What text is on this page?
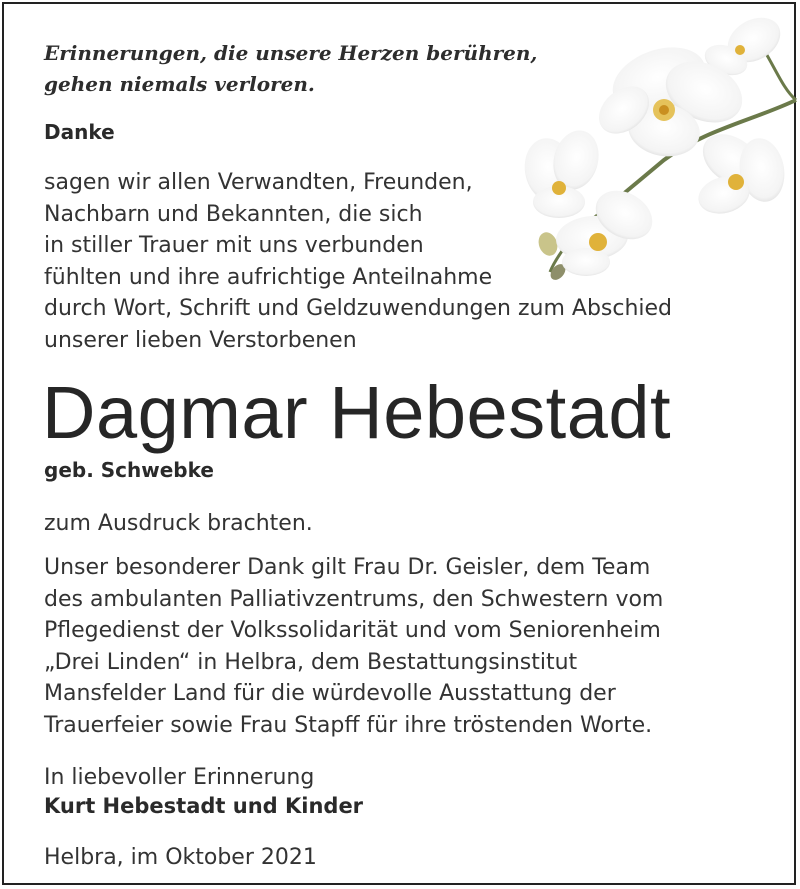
Erinnerungen, die unsere Herzen berühren,
gehen niemals verloren.
Danke
sagen wir allen Verwandten, Freunden,
Nachbarn und Bekannten, die sich
in stiller Trauer mit uns verbunden
fühlten und ihre aufrichtige Anteilnahme
durch Wort, Schrift und Geldzuwendungen zum Abschied
unserer lieben Verstorbenen
Dagmar Hebestadt
geb. Schwebke
zum Ausdruck brachten.
Unser besonderer Dank gilt Frau Dr. Geisler, dem Team
des ambulanten Palliativzentrums, den Schwestern vom
Pflegedienst der Volkssolidarität und vom Seniorenheim
„Drei Linden“ in Helbra, dem Bestattungsinstitut
Mansfelder Land für die würdevolle Ausstattung der
Trauerfeier sowie Frau Stapff für ihre tröstenden Worte.
In liebevoller Erinnerung
Kurt Hebestadt und Kinder
Helbra, im Oktober 2021
